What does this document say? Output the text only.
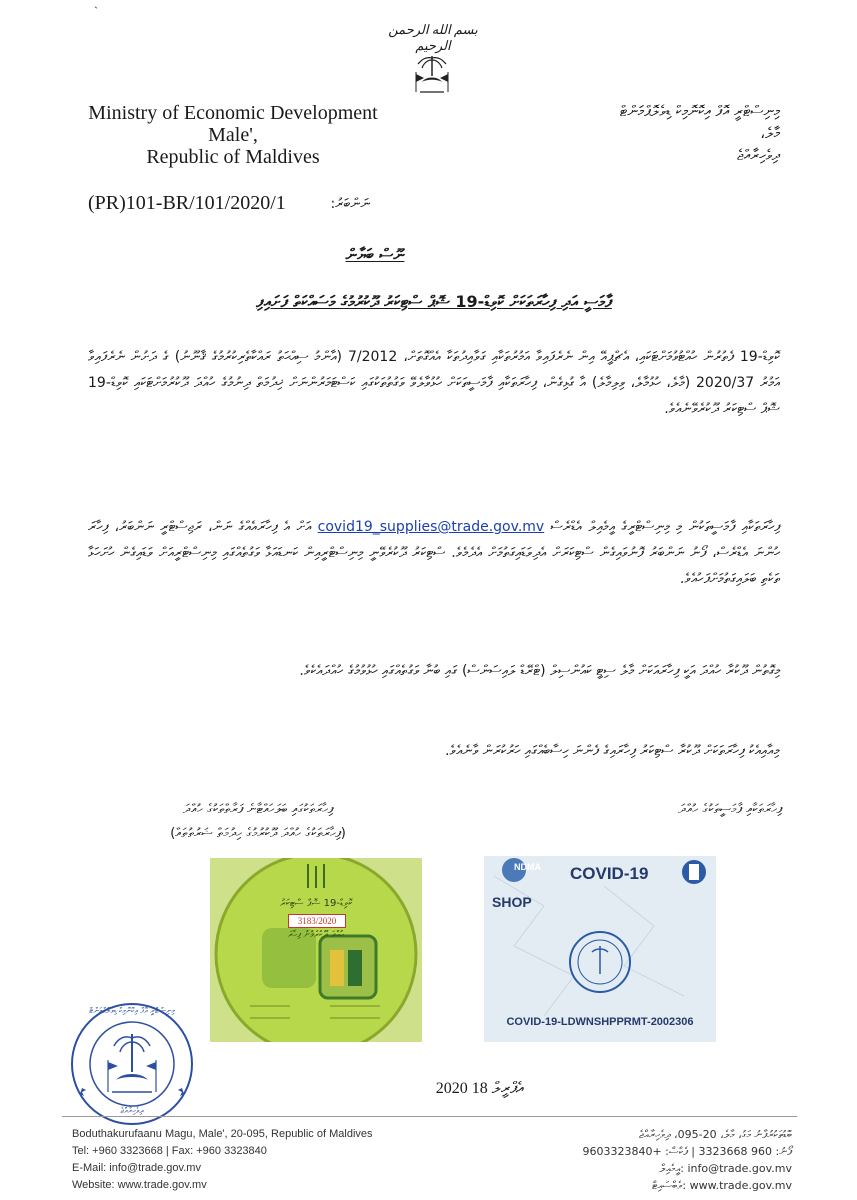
`
بسم الله الرحمن الرحيم
Ministry of Economic Development
Male',
Republic of Maldives
މިނިސްޓްރީ އޮފް އިކޮނޮމިކް ޑިވެލޮޕްމަންޓް
މާލެ،
ދިވެހިރާއްޖެ
(PR)101-BR/101/2020/1	ނަންބަރު:
ނޫސް ބަޔާން
ފާމަސީ އަދި ފިހާރަތަކަށް ކޮވިޑް-19 ޝޮޕް ސްޓިކަރު ދޫކުރުމުގެ މަސައްކަތް ފަށައިފި
ކޮވިޑް-19 ފެތުރުން ހުއްޓުވުމަށްޓަކައި، އެޗްޕީއޭ އިން ނެރެފައިވާ އަމުރުތަކާއި ގަވާއިދުތަކާ އެއްގޮތަށް، 7/2012 (އާންމު ސިއްޙަތު ރައްކާތެރިކުރުމުގެ ޤާނޫނު) ގެ ދަށުން ނެރެފައިވާ އަމުރު 2020/37 (މާލެ، ހުޅުމާލެ، ވިލިމާލެ) އާ ގުޅިގެން، ފިހާރަތަކާއި ފާމަސީތަކަށް ހުޅުވާލެވޭ ވަގުތުތަކުގައި ކަސްޓަމަރުންނަށް ޚިދުމަތް ދިނުމުގެ ހުއްދަ ދޫކުރުމަށްޓަކައި ކޮވިޑް-19 ޝޮޕް ސްޓިކަރު ދޫކުރެވޭނެއެވެ.
ފިހާރަތަކާއި ފާމަސީތަކުން މި މިނިސްޓްރީގެ އީމެއިލް އެޑްރެސް covid19_supplies@trade.gov.mv އަށް އެ ފިހާރައެއްގެ ނަން، ރަޖިސްޓްރީ ނަންބަރު، ފިހާރަ ހުންނަ އެޑްރެސް، ފޯނު ނަންބަރު ފޮނުވައިގެން ސްޓިކަރަށް އެދިވަޑައިގަތުމަށް އެދެމެވެ. ސްޓިކަރު ދޫކުރެވޭނީ މިނިސްޓްރީއިން ކަނޑައަޅާ ވަގުތެއްގައި މިނިސްޓްރީއަށް ވަޑައިގެން ހުށަހަޅާ ތަކެތި ބަލައިގަތުމަށްފަހުއެވެ.
މިގޮތުން ދޫކުރާ ހުއްދަ އަކީ ފިހާރައަކަށް މާލެ ސިޓީ ކައުންސިލް (ޓްރޭޑް ލައިސަންސް) ގައި ބުނާ ވަގުތެއްގައި ހުޅުވުމުގެ ހުއްދައެކެވެ.
މިއާއިއެކު ފިހާރަތަކަށް ދޫކުރާ ސްޓިކަރު ފިހާރައިގެ ފެންނަ ހިސާބެއްގައި ހަރުކުރަން ވާނެއެވެ.
ފިހާރަތަކާއި ފާމަސީތަކުގެ ހުއްދަ
ފިހާރަތަކުގައި ބަލަހައްޓާނެ ފަރާތްތަކުގެ ހުއްދަ
(ފިހާރަތަކުގެ ހުއްދަ ދޫކުރުމުގެ ހިދުމަތް ޝަރުތުތައް)
ކޮވިޑް-19 ޝޮޕް ސްޓިކަރު
3183/2020
ހުއްދަ ދޫކުރެވުނު ފިހާރަ
NDMA	COVID-19
SHOP
COVID-19-LDWNSHPPRMT-2002306
މިނިސްޓްރީ އޮފް އިކޮނޮމިކް ޑިވެލޮޕްމަންޓް
ދިވެހިރާއްޖެ
2020 އެޕްރީލް 18
Boduthakurufaanu Magu, Male', 20-095, Republic of Maldives
Tel: +960 3323668 | Fax: +960 3323840
E-Mail: info@trade.gov.mv
Website: www.trade.gov.mv
ބޮޑުތަކުރުފާނު މަގު، މާލެ، 20-095، ދިވެހިރާއްޖެ
ފޯނު: 960 3323668 | ފެކްސް: +9603323840
info@trade.gov.mv :އީމެއިލް
www.trade.gov.mv :ވެބްސައިޓް
